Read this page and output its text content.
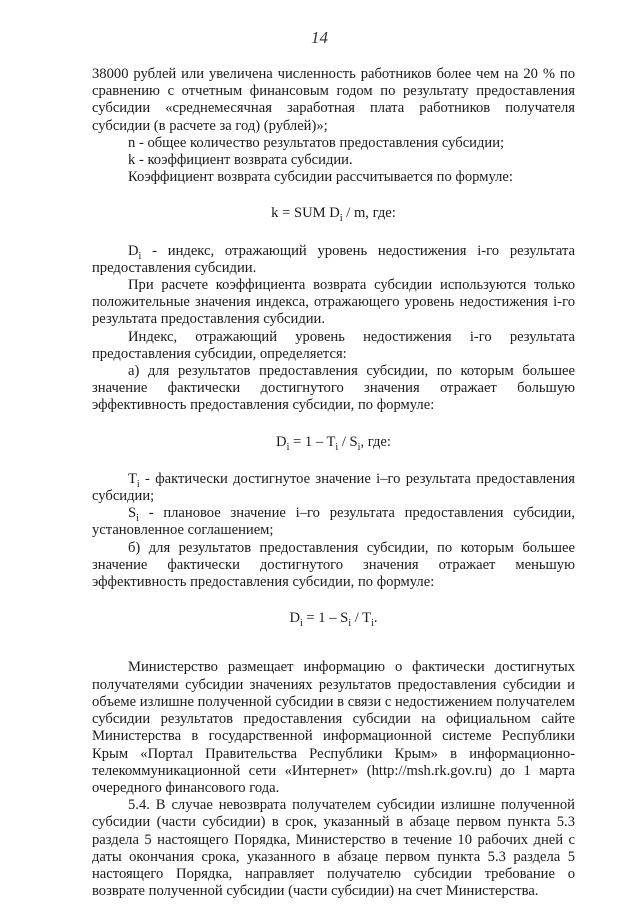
14

38000 рублей или увеличена численность работников более чем на 20 % по сравнению с отчетным финансовым годом по результату предоставления субсидии «среднемесячная заработная плата работников получателя субсидии (в расчете за год) (рублей)»;

n - общее количество результатов предоставления субсидии;

k - коэффициент возврата субсидии.

Коэффициент возврата субсидии рассчитывается по формуле:

k = SUM $D_i$ / m, где:

$D_i$ - индекс, отражающий уровень недостижения i-го результата предоставления субсидии.

При расчете коэффициента возврата субсидии используются только положительные значения индекса, отражающего уровень недостижения i-го результата предоставления субсидии.

Индекс, отражающий уровень недостижения i-го результата предоставления субсидии, определяется:

а) для результатов предоставления субсидии, по которым большее значение фактически достигнутого значения отражает большую эффективность предоставления субсидии, по формуле:

$D_i = 1 - T_i / S_i$, где:

$T_i$ - фактически достигнутое значение i–го результата предоставления субсидии;

$S_i$ - плановое значение i–го результата предоставления субсидии, установленное соглашением;

б) для результатов предоставления субсидии, по которым большее значение фактически достигнутого значения отражает меньшую эффективность предоставления субсидии, по формуле:

$D_i = 1 - S_i / T_i$.

Министерство размещает информацию о фактически достигнутых получателями субсидии значениях результатов предоставления субсидии и объеме излишне полученной субсидии в связи с недостижением получателем субсидии результатов предоставления субсидии на официальном сайте Министерства в государственной информационной системе Республики Крым «Портал Правительства Республики Крым» в информационно-телекоммуникационной сети «Интернет» (http://msh.rk.gov.ru) до 1 марта очередного финансового года.

5.4. В случае невозврата получателем субсидии излишне полученной субсидии (части субсидии) в срок, указанный в абзаце первом пункта 5.3 раздела 5 настоящего Порядка, Министерство в течение 10 рабочих дней с даты окончания срока, указанного в абзаце первом пункта 5.3 раздела 5 настоящего Порядка, направляет получателю субсидии требование о возврате полученной субсидии (части субсидии) на счет Министерства.
